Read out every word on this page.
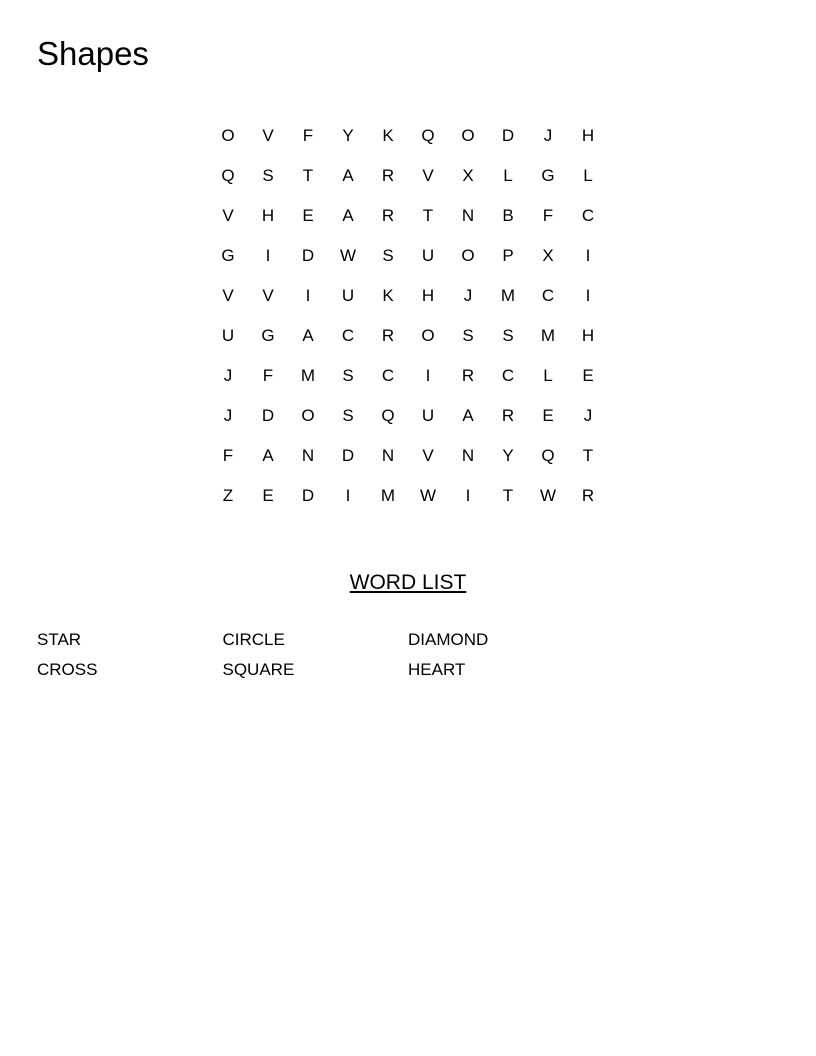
Shapes
O	V	F	Y	K	Q	O	D	J	H
Q	S	T	A	R	V	X	L	G	L
V	H	E	A	R	T	N	B	F	C
G	I	D	W	S	U	O	P	X	I
V	V	I	U	K	H	J	M	C	I
U	G	A	C	R	O	S	S	M	H
J	F	M	S	C	I	R	C	L	E
J	D	O	S	Q	U	A	R	E	J
F	A	N	D	N	V	N	Y	Q	T
Z	E	D	I	M	W	I	T	W	R
WORD LIST
STAR	CIRCLE	DIAMOND
CROSS	SQUARE	HEART
